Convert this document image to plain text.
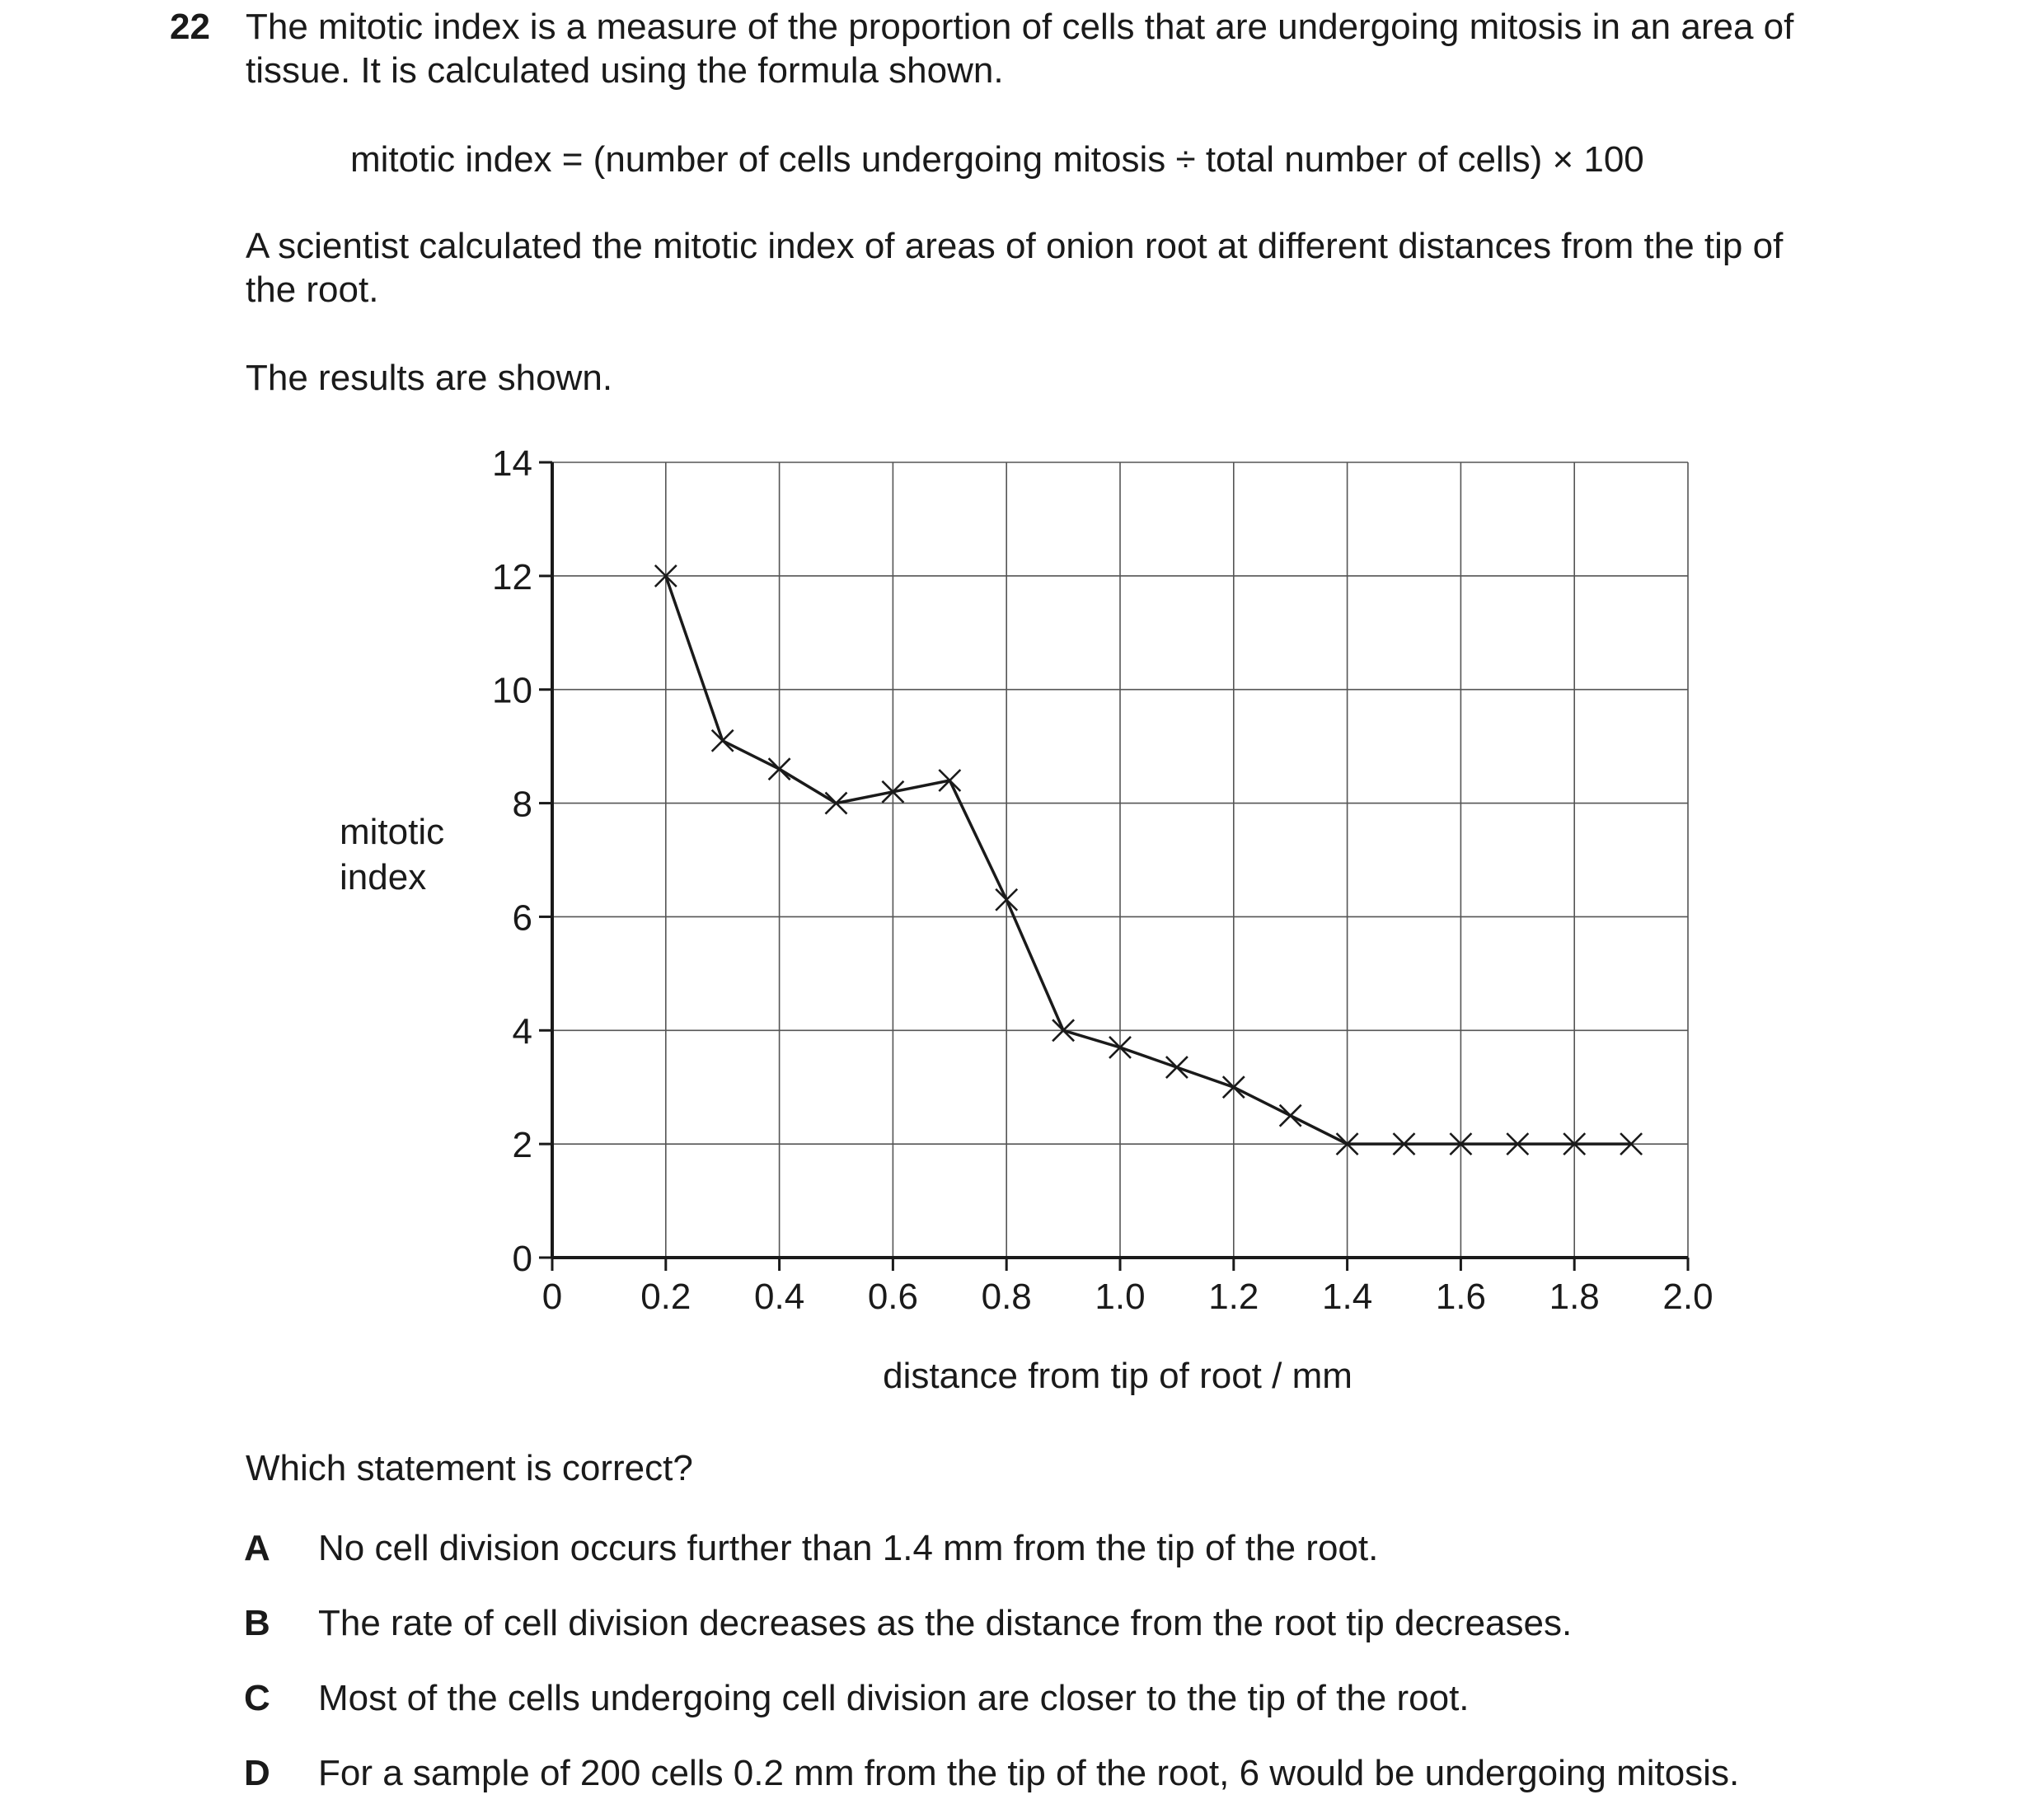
22 The mitotic index is a measure of the proportion of cells that are undergoing mitosis in an area of

tissue. It is calculated using the formula shown.

mitotic index = (number of cells undergoing mitosis ÷ total number of cells) × 100

A scientist calculated the mitotic index of areas of onion root at different distances from the tip of

the root.

The results are shown.

0 0.2 0.4 0.6 0.8 1.0 1.2 1.4 1.6 1.8 2.0
0
2
4
6
8
10
12
14
mitotic
index
distance from tip of root / mm

Which statement is correct?

A No cell division occurs further than 1.4 mm from the tip of the root.
B The rate of cell division decreases as the distance from the root tip decreases.
C Most of the cells undergoing cell division are closer to the tip of the root.
D For a sample of 200 cells 0.2 mm from the tip of the root, 6 would be undergoing mitosis.
